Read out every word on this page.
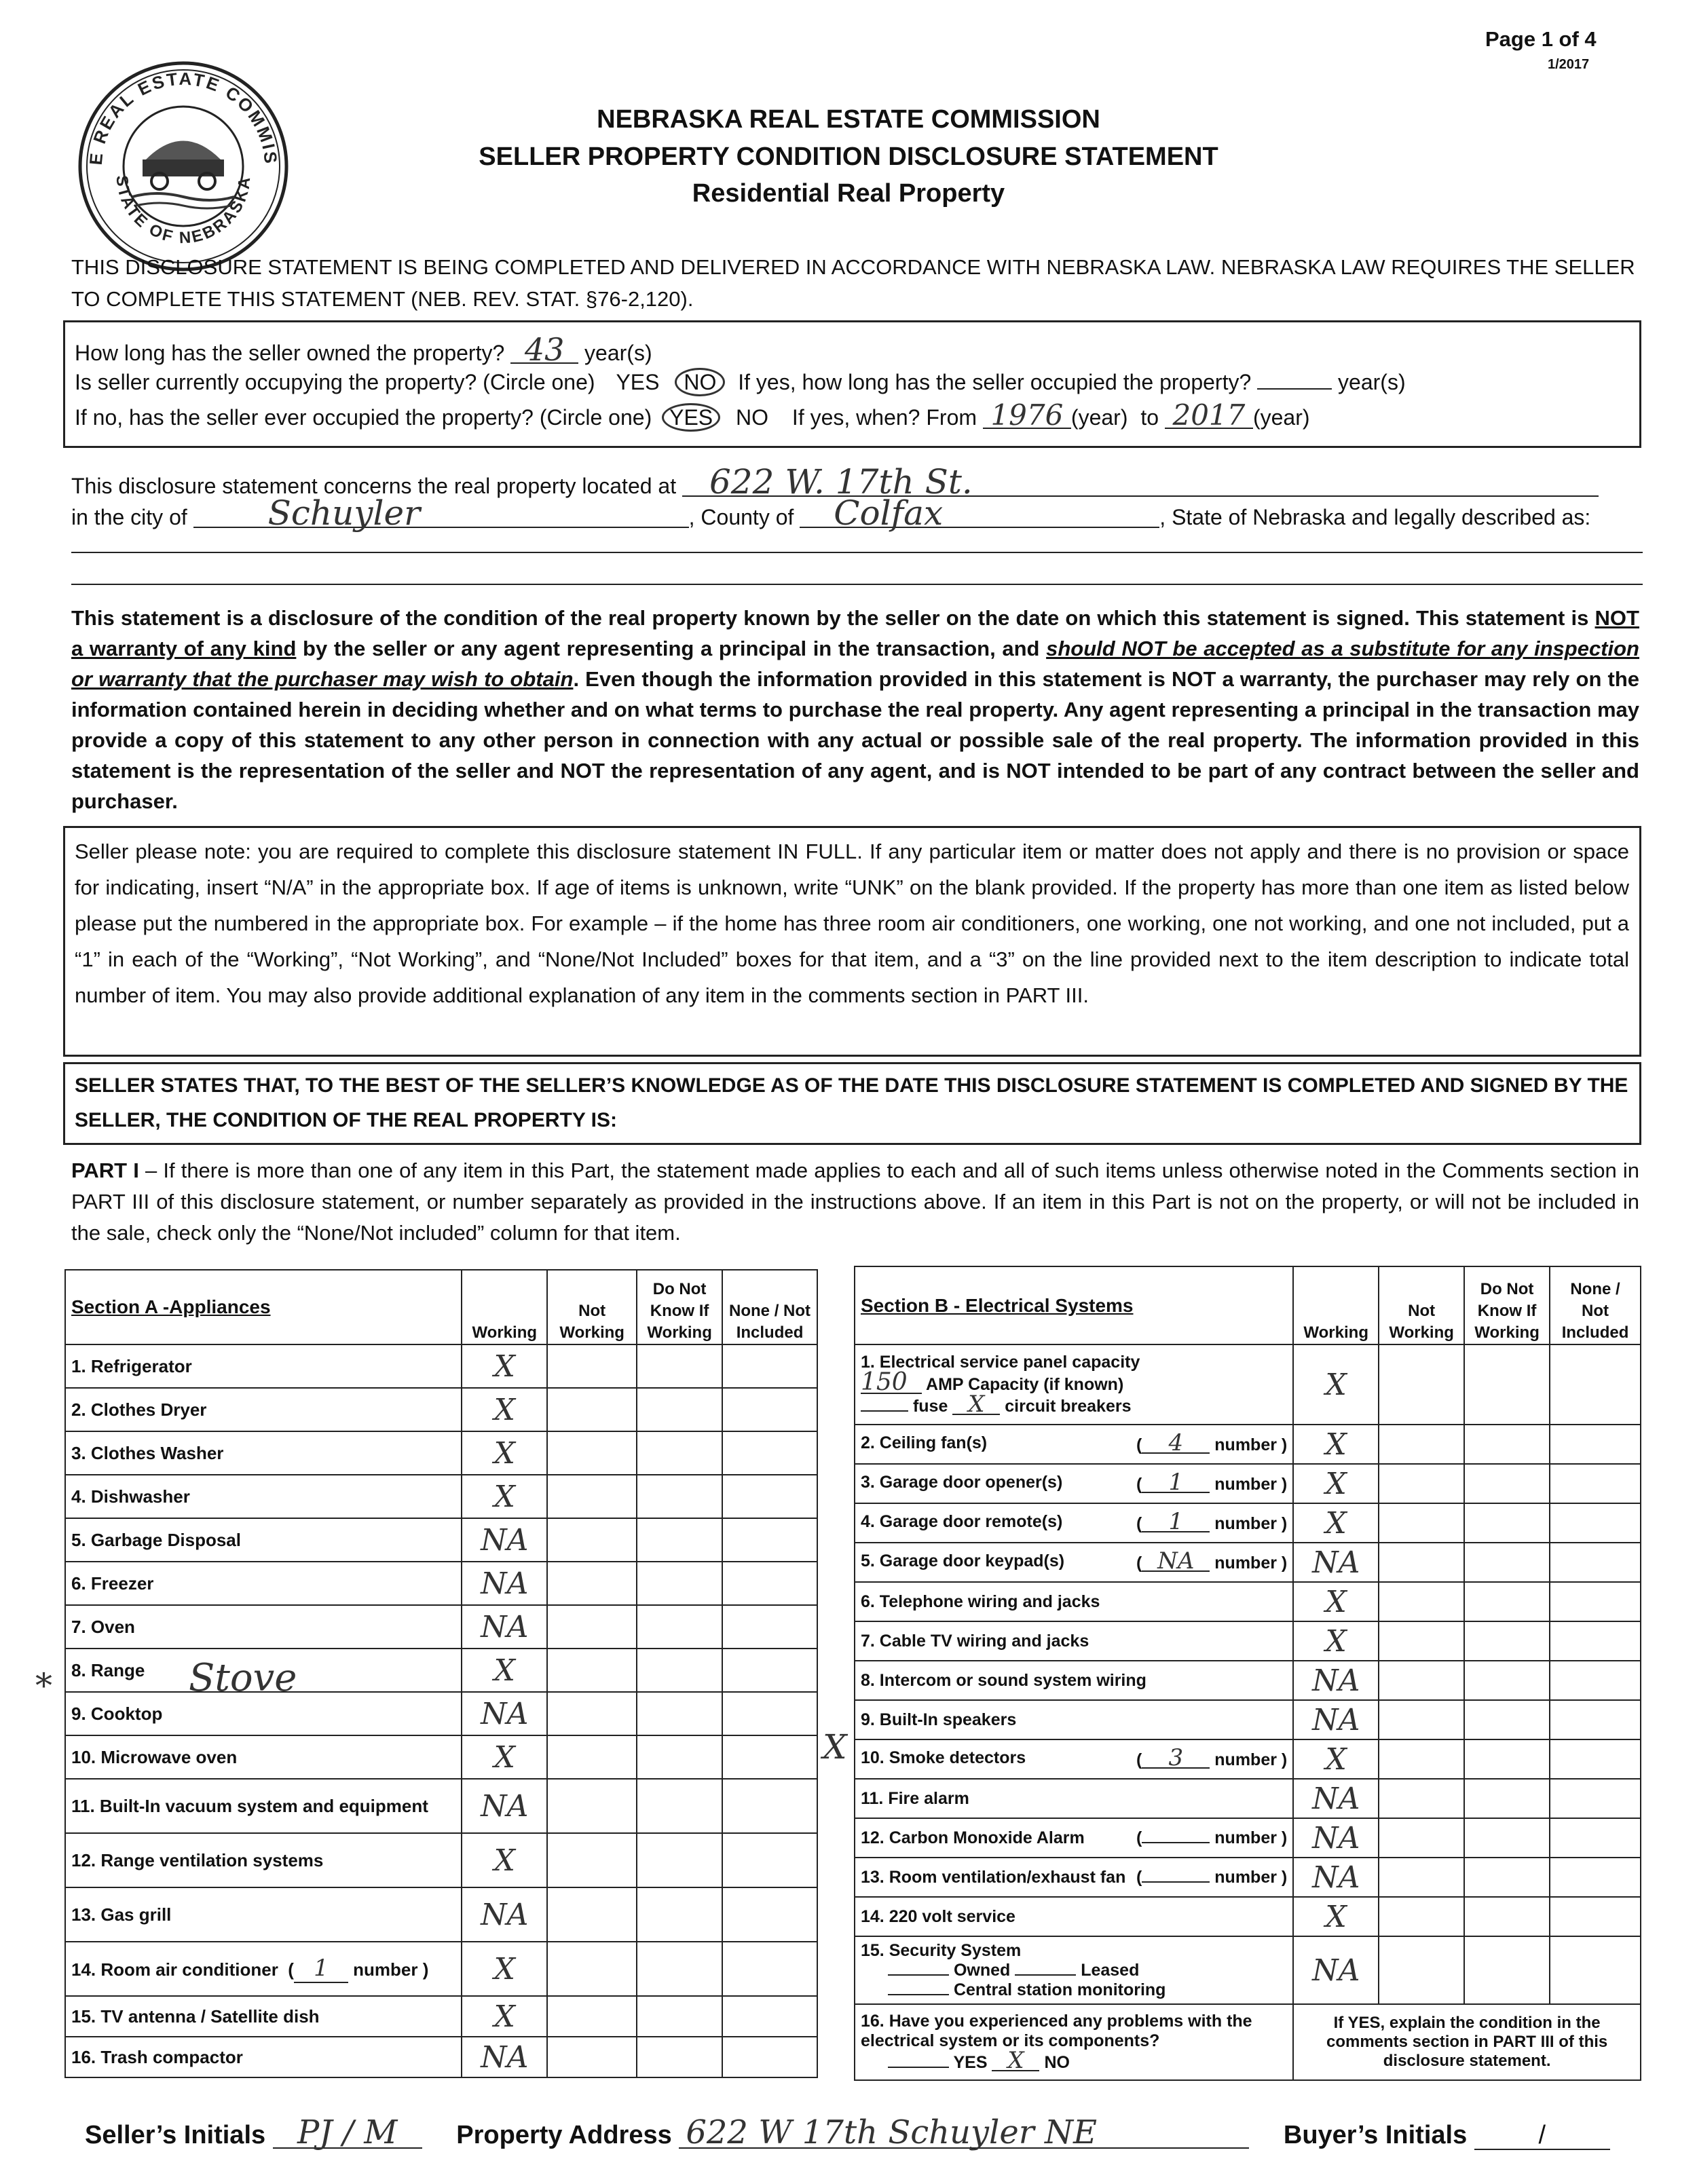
Page 1 of 4
1/2017
E REAL ESTATE COMMIS
STATE OF NEBRASKA
NEBRASKA REAL ESTATE COMMISSION
SELLER PROPERTY CONDITION DISCLOSURE STATEMENT
Residential Real Property
THIS DISCLOSURE STATEMENT IS BEING COMPLETED AND DELIVERED IN ACCORDANCE WITH NEBRASKA LAW. NEBRASKA LAW REQUIRES THE SELLER TO COMPLETE THIS STATEMENT (NEB. REV. STAT. §76-2,120).
How long has the seller owned the property? 43 year(s)
Is seller currently occupying the property? (Circle one) YES NO If yes, how long has the seller occupied the property?	year(s)
If no, has the seller ever occupied the property? (Circle one) YES NO If yes, when? From 1976 (year) to 2017 (year)
This disclosure statement concerns the real property located at 622 W. 17th St.
in the city of Schuyler	, County of Colfax	, State of Nebraska and legally described as:
This statement is a disclosure of the condition of the real property known by the seller on the date on which this statement is signed. This statement is NOT a warranty of any kind by the seller or any agent representing a principal in the transaction, and should NOT be accepted as a substitute for any inspection or warranty that the purchaser may wish to obtain. Even though the information provided in this statement is NOT a warranty, the purchaser may rely on the information contained herein in deciding whether and on what terms to purchase the real property. Any agent representing a principal in the transaction may provide a copy of this statement to any other person in connection with any actual or possible sale of the real property. The information provided in this statement is the representation of the seller and NOT the representation of any agent, and is NOT intended to be part of any contract between the seller and purchaser.
Seller please note: you are required to complete this disclosure statement IN FULL. If any particular item or matter does not apply and there is no provision or space for indicating, insert “N/A” in the appropriate box. If age of items is unknown, write “UNK” on the blank provided. If the property has more than one item as listed below please put the numbered in the appropriate box. For example – if the home has three room air conditioners, one working, one not working, and one not included, put a “1” in each of the “Working”, “Not Working”, and “None/Not Included” boxes for that item, and a “3” on the line provided next to the item description to indicate total number of item. You may also provide additional explanation of any item in the comments section in PART III.
SELLER STATES THAT, TO THE BEST OF THE SELLER’S KNOWLEDGE AS OF THE DATE THIS DISCLOSURE STATEMENT IS COMPLETED AND SIGNED BY THE SELLER, THE CONDITION OF THE REAL PROPERTY IS:
PART I – If there is more than one of any item in this Part, the statement made applies to each and all of such items unless otherwise noted in the Comments section in PART III of this disclosure statement, or number separately as provided in the instructions above. If an item in this Part is not on the property, or will not be included in the sale, check only the “None/Not included” column for that item.
Section A -Appliances	Working	Not Working	Do Not Know If Working	None / Not Included
1. Refrigerator	X			
2. Clothes Dryer	X			
3. Clothes Washer	X			
4. Dishwasher	X			
5. Garbage Disposal	NA			
6. Freezer	NA			
7. Oven	NA			
8. Range	X			
9. Cooktop	NA			
10. Microwave oven	X			
11. Built-In vacuum system and equipment	NA			
12. Range ventilation systems	X			
13. Gas grill	NA			
14. Room air conditioner  ( 1 number )	X			
15. TV antenna / Satellite dish	X			
16. Trash compactor	NA			
Section B - Electrical Systems	Working	Not Working	Do Not Know If Working	None / Not Included

1. Electrical service panel capacity
150 AMP Capacity (if known)
fuse X circuit breakers	X			
2. Ceiling fan(s) ( 4 number )	X			
3. Garage door opener(s) ( 1 number )	X			
4. Garage door remote(s) ( 1 number )	X			
5. Garage door keypad(s) ( NA number )	NA			
6. Telephone wiring and jacks	X			
7. Cable TV wiring and jacks	X			
8. Intercom or sound system wiring	NA			
9. Built-In speakers	NA			
10. Smoke detectors ( 3 number )	X			
11. Fire alarm	NA			
12. Carbon Monoxide Alarm ( number )	NA			
13. Room ventilation/exhaust fan ( number )	NA			
14. 220 volt service	X			

15. Security System
Owned Leased
Central station monitoring	NA			

16. Have you experienced any problems with the electrical system or its components?
YES X NO	If YES, explain the condition in the comments section in PART III of this disclosure statement.			
*
X
Stove
Seller’s Initials PJ / M Property Address 622 W 17th Schuyler NE	Buyer’s Initials	/
